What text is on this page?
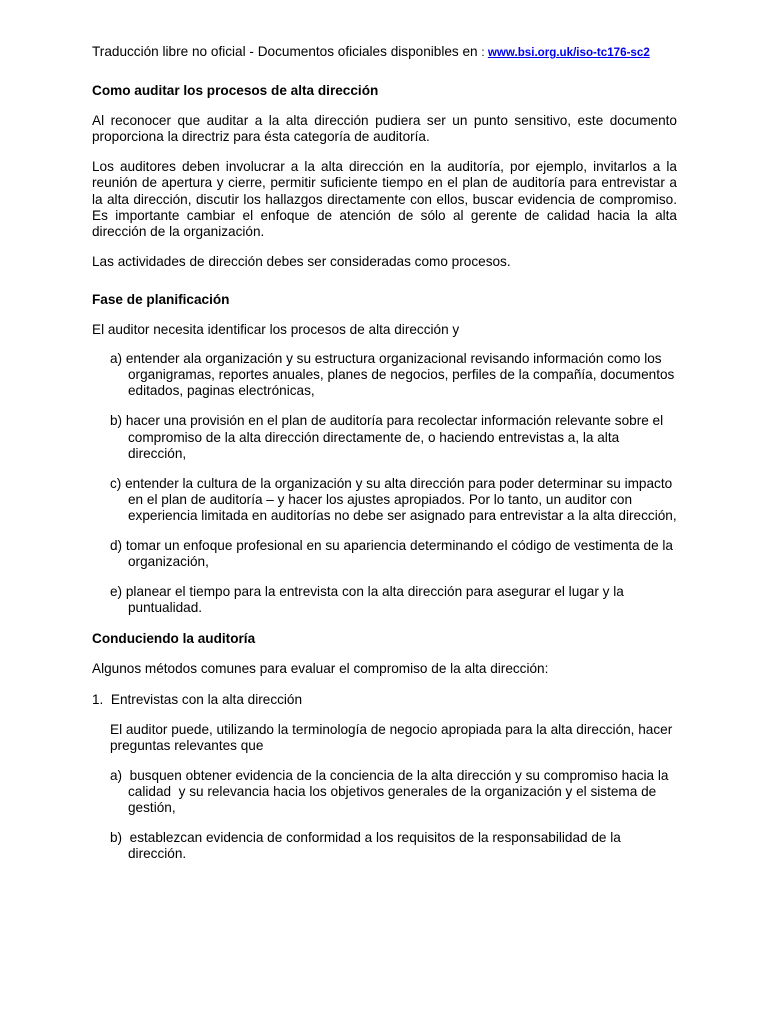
Traducción libre no oficial - Documentos oficiales disponibles en : www.bsi.org.uk/iso-tc176-sc2

Como auditar los procesos de alta dirección

Al reconocer que auditar a la alta dirección pudiera ser un punto sensitivo, este documento proporciona la directriz para ésta categoría de auditoría.

Los auditores deben involucrar a la alta dirección en la auditoría, por ejemplo, invitarlos a la reunión de apertura y cierre, permitir suficiente tiempo en el plan de auditoría para entrevistar a la alta dirección, discutir los hallazgos directamente con ellos, buscar evidencia de compromiso. Es importante cambiar el enfoque de atención de sólo al gerente de calidad hacia la alta dirección de la organización.

Las actividades de dirección debes ser consideradas como procesos.

Fase de planificación

El auditor necesita identificar los procesos de alta dirección y

a) entender ala organización y su estructura organizacional revisando información como los organigramas, reportes anuales, planes de negocios, perfiles de la compañía, documentos editados, paginas electrónicas,

b) hacer una provisión en el plan de auditoría para recolectar información relevante sobre el compromiso de la alta dirección directamente de, o haciendo entrevistas a, la alta dirección,

c) entender la cultura de la organización y su alta dirección para poder determinar su impacto en el plan de auditoría – y hacer los ajustes apropiados. Por lo tanto, un auditor con experiencia limitada en auditorías no debe ser asignado para entrevistar a la alta dirección,

d) tomar un enfoque profesional en su apariencia determinando el código de vestimenta de la organización,

e) planear el tiempo para la entrevista con la alta dirección para asegurar el lugar y la puntualidad.

Conduciendo la auditoría

Algunos métodos comunes para evaluar el compromiso de la alta dirección:

1.  Entrevistas con la alta dirección

El auditor puede, utilizando la terminología de negocio apropiada para la alta dirección, hacer preguntas relevantes que

a)  busquen obtener evidencia de la conciencia de la alta dirección y su compromiso hacia la calidad  y su relevancia hacia los objetivos generales de la organización y el sistema de gestión,

b)  establezcan evidencia de conformidad a los requisitos de la responsabilidad de la dirección.
